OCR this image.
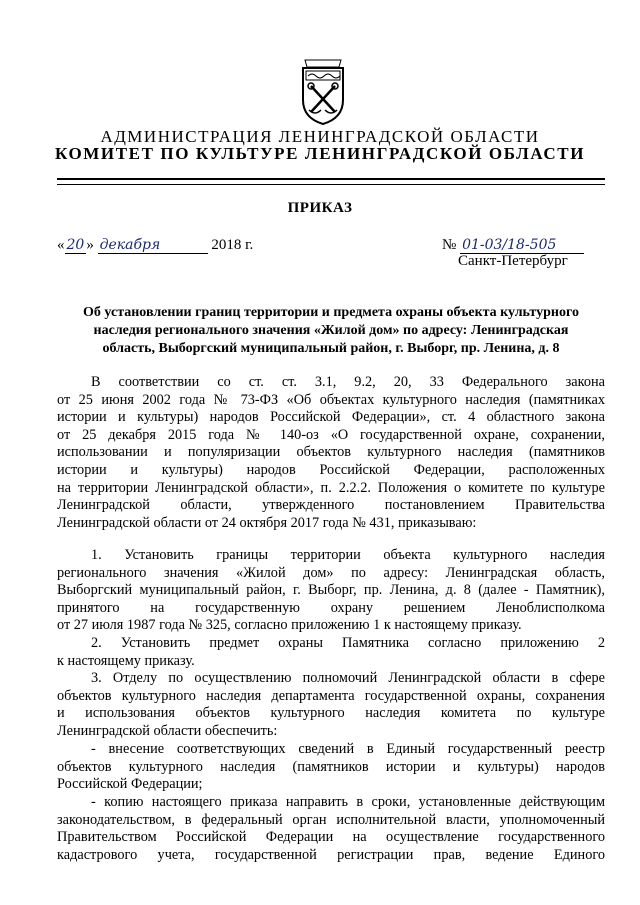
АДМИНИСТРАЦИЯ ЛЕНИНГРАДСКОЙ ОБЛАСТИ
КОМИТЕТ ПО КУЛЬТУРЕ ЛЕНИНГРАДСКОЙ ОБЛАСТИ
ПРИКАЗ
« 20 » декабря	2018 г.	№ 01-03/18-505
Санкт-Петербург
Об установлении границ территории и предмета охраны объекта культурного
наследия регионального значения «Жилой дом» по адресу: Ленинградская
область, Выборгский муниципальный район, г. Выборг, пр. Ленина, д. 8
В соответствии со ст. ст. 3.1, 9.2, 20, 33 Федерального закона
от 25 июня 2002 года № 73-ФЗ «Об объектах культурного наследия (памятниках
истории и культуры) народов Российской Федерации», ст. 4 областного закона
от 25 декабря 2015 года № 140-оз «О государственной охране, сохранении,
использовании и популяризации объектов культурного наследия (памятников
истории и культуры) народов Российской Федерации, расположенных
на территории Ленинградской области», п. 2.2.2. Положения о комитете по культуре
Ленинградской области, утвержденного постановлением Правительства
Ленинградской области от 24 октября 2017 года № 431, приказываю:
1. Установить границы территории объекта культурного наследия
регионального значения «Жилой дом» по адресу: Ленинградская область,
Выборгский муниципальный район, г. Выборг, пр. Ленина, д. 8 (далее - Памятник),
принятого на государственную охрану решением Леноблисполкома
от 27 июля 1987 года № 325, согласно приложению 1 к настоящему приказу.
2. Установить предмет охраны Памятника согласно приложению 2
к настоящему приказу.
3. Отделу по осуществлению полномочий Ленинградской области в сфере
объектов культурного наследия департамента государственной охраны, сохранения
и использования объектов культурного наследия комитета по культуре
Ленинградской области обеспечить:
- внесение соответствующих сведений в Единый государственный реестр
объектов культурного наследия (памятников истории и культуры) народов
Российской Федерации;
- копию настоящего приказа направить в сроки, установленные действующим
законодательством, в федеральный орган исполнительной власти, уполномоченный
Правительством Российской Федерации на осуществление государственного
кадастрового учета, государственной регистрации прав, ведение Единого
